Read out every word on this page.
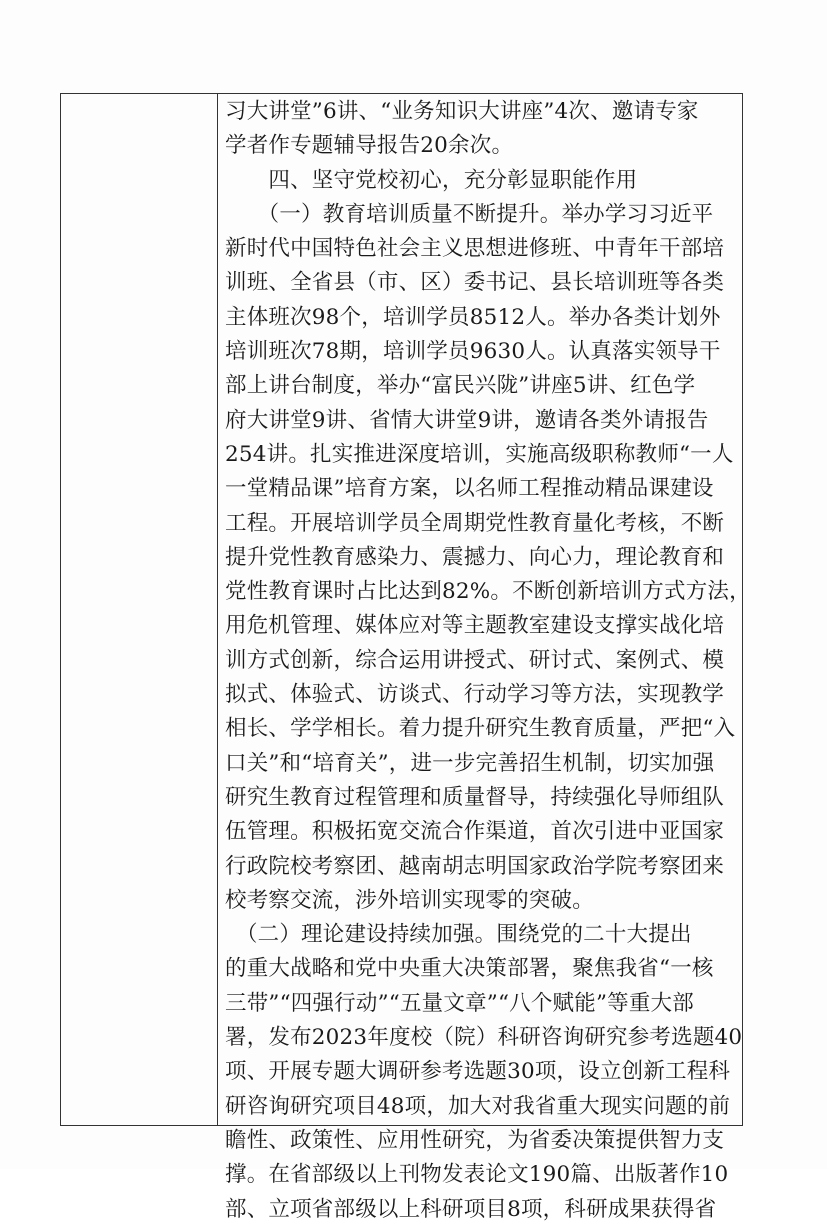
习大讲堂”6讲、“业务知识大讲座”4次、邀请专家
学者作专题辅导报告20余次。
　　四、坚守党校初心，充分彰显职能作用
　　（一）教育培训质量不断提升。举办学习习近平
新时代中国特色社会主义思想进修班、中青年干部培
训班、全省县（市、区）委书记、县长培训班等各类
主体班次98个，培训学员8512人。举办各类计划外
培训班次78期，培训学员9630人。认真落实领导干
部上讲台制度，举办“富民兴陇”讲座5讲、红色学
府大讲堂9讲、省情大讲堂9讲，邀请各类外请报告
254讲。扎实推进深度培训，实施高级职称教师“一人
一堂精品课”培育方案，以名师工程推动精品课建设
工程。开展培训学员全周期党性教育量化考核，不断
提升党性教育感染力、震撼力、向心力，理论教育和
党性教育课时占比达到82%。不断创新培训方式方法，
用危机管理、媒体应对等主题教室建设支撑实战化培
训方式创新，综合运用讲授式、研讨式、案例式、模
拟式、体验式、访谈式、行动学习等方法，实现教学
相长、学学相长。着力提升研究生教育质量，严把“入
口关”和“培育关”，进一步完善招生机制，切实加强
研究生教育过程管理和质量督导，持续强化导师组队
伍管理。积极拓宽交流合作渠道，首次引进中亚国家
行政院校考察团、越南胡志明国家政治学院考察团来
校考察交流，涉外培训实现零的突破。
　（二）理论建设持续加强。围绕党的二十大提出
的重大战略和党中央重大决策部署，聚焦我省“一核
三带”“四强行动”“五量文章”“八个赋能”等重大部
署，发布2023年度校（院）科研咨询研究参考选题40
项、开展专题大调研参考选题30项，设立创新工程科
研咨询研究项目48项，加大对我省重大现实问题的前
瞻性、政策性、应用性研究，为省委决策提供智力支
撑。在省部级以上刊物发表论文190篇、出版著作10
部、立项省部级以上科研项目8项，科研成果获得省
